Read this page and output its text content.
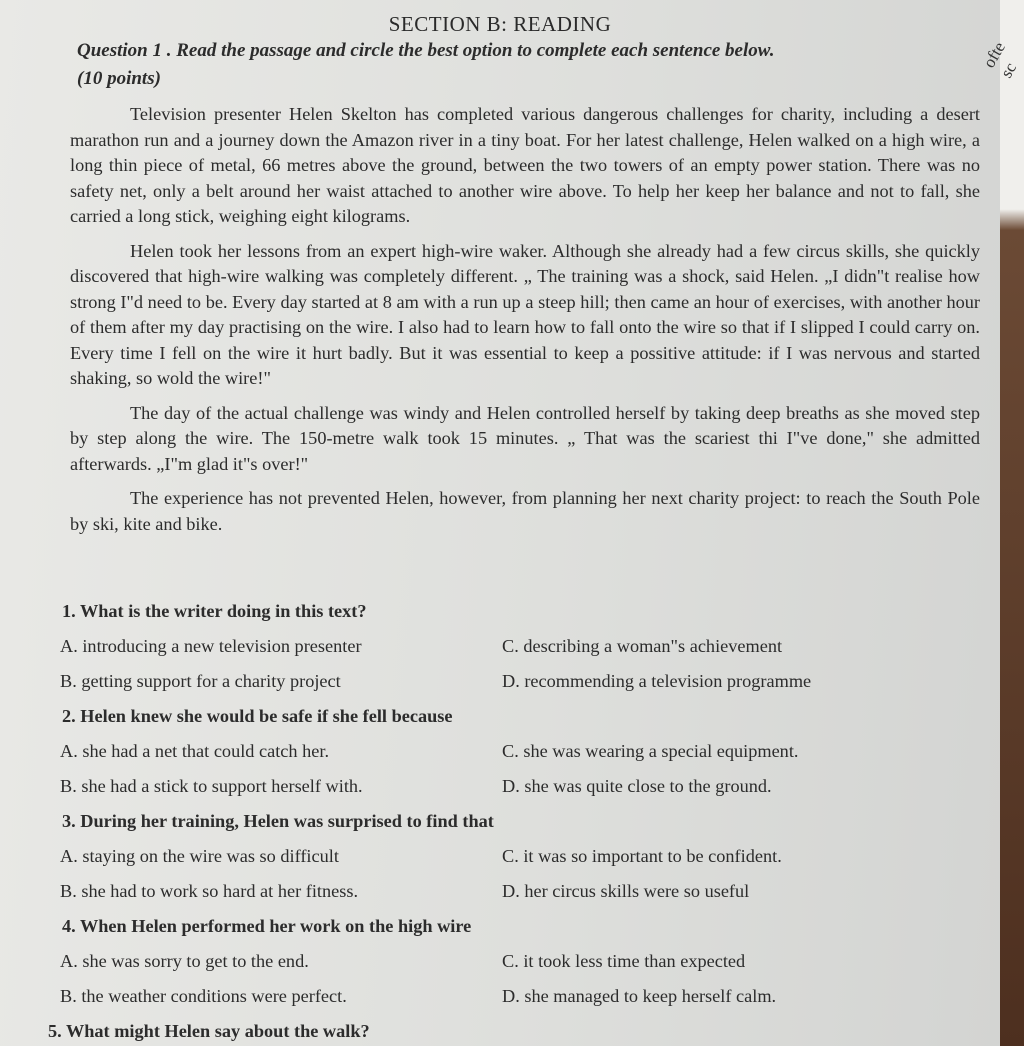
SECTION B: READING
Question 1 . Read the passage and circle the best option to complete each sentence below.
(10 points)

Television presenter Helen Skelton has completed various dangerous challenges for charity, including a desert marathon run and a journey down the Amazon river in a tiny boat. For her latest challenge, Helen walked on a high wire, a long thin piece of metal, 66 metres above the ground, between the two towers of an empty power station. There was no safety net, only a belt around her waist attached to another wire above. To help her keep her balance and not to fall, she carried a long stick, weighing eight kilograms.

Helen took her lessons from an expert high-wire waker. Although she already had a few circus skills, she quickly discovered that high-wire walking was completely different. „ The training was a shock, said Helen. „I didn"t realise how strong I"d need to be. Every day started at 8 am with a run up a steep hill; then came an hour of exercises, with another hour of them after my day practising on the wire. I also had to learn how to fall onto the wire so that if I slipped I could carry on. Every time I fell on the wire it hurt badly. But it was essential to keep a possitive attitude: if I was nervous and started shaking, so wold the wire!"

The day of the actual challenge was windy and Helen controlled herself by taking deep breaths as she moved step by step along the wire. The 150-metre walk took 15 minutes. „ That was the scariest thi I"ve done," she admitted afterwards. „I"m glad it"s over!"

The experience has not prevented Helen, however, from planning her next charity project: to reach the South Pole by ski, kite and bike.

1. What is the writer doing in this text?
A. introducing a new television presenter	C. describing a woman"s achievement
B. getting support for a charity project	D. recommending a television programme
2. Helen knew she would be safe if she fell because
A. she had a net that could catch her.	C. she was wearing a special equipment.
B. she had a stick to support herself with.	D. she was quite close to the ground.
3. During her training, Helen was surprised to find that
A. staying on the wire was so difficult	C. it was so important to be confident.
B. she had to work so hard at her fitness.	D. her circus skills were so useful
4. When Helen performed her work on the high wire
A. she was sorry to get to the end.	C. it took less time than expected
B. the weather conditions were perfect.	D. she managed to keep herself calm.
5. What might Helen say about the walk?
ofte sc
